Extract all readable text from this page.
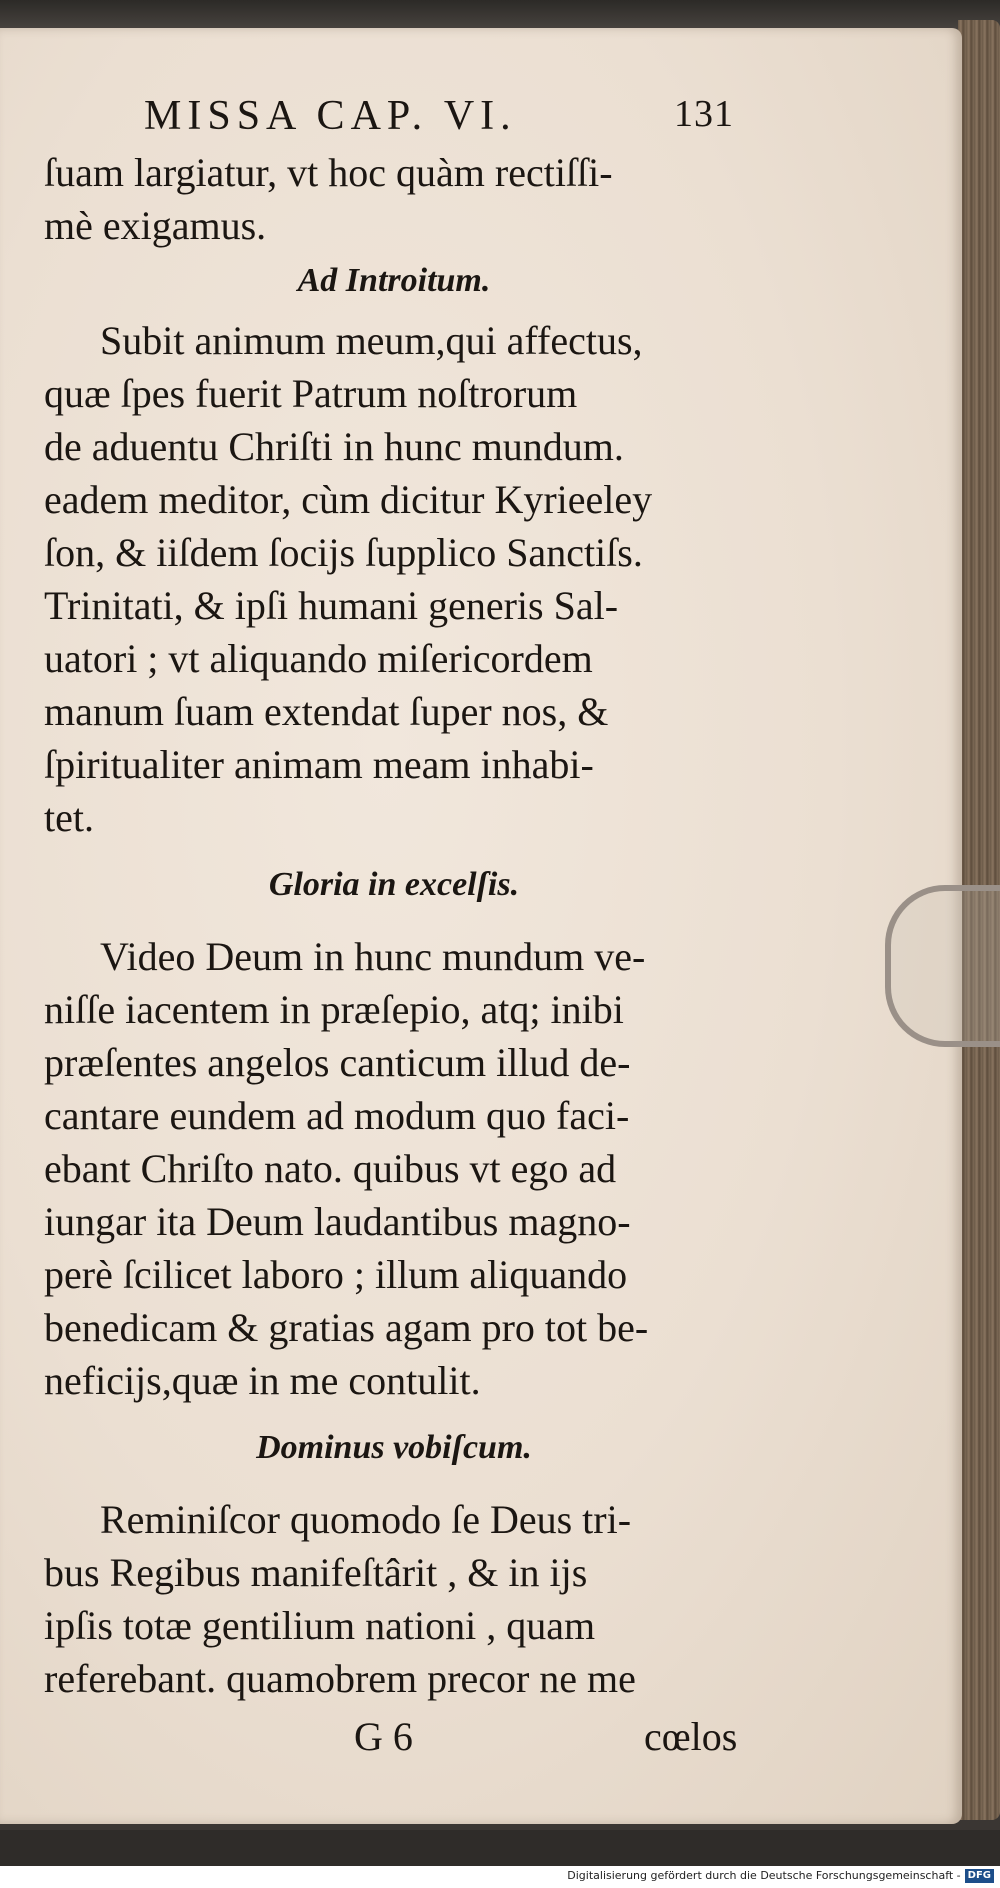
MISSA CAP. VI.	131
ſuam largiatur, vt hoc quàm rectiſſi-
mè exigamus.
Ad Introitum.
Subit animum meum,qui affectus,
quæ ſpes fuerit Patrum noſtrorum
de aduentu Chriſti in hunc mundum.
eadem meditor, cùm dicitur Kyrieeley
ſon, & iiſdem ſocijs ſupplico Sanctiſs.
Trinitati, & ipſi humani generis Sal-
uatori ; vt aliquando miſericordem
manum ſuam extendat ſuper nos, &
ſpiritualiter animam meam inhabi-
tet.
Gloria in excelſis.
Video Deum in hunc mundum ve-
niſſe iacentem in præſepio, atq; inibi
præſentes angelos canticum illud de-
cantare eundem ad modum quo faci-
ebant Chriſto nato. quibus vt ego ad
iungar ita Deum laudantibus magno-
perè ſcilicet laboro ; illum aliquando
benedicam & gratias agam pro tot be-
neficijs,quæ in me contulit.
Dominus vobiſcum.
Reminiſcor quomodo ſe Deus tri-
bus Regibus manifeſtârit , & in ijs
ipſis totæ gentilium nationi , quam
referebant. quamobrem precor ne me
G 6	cœlos
Digitalisierung gefördert durch die Deutsche Forschungsgemeinschaft - DFG
